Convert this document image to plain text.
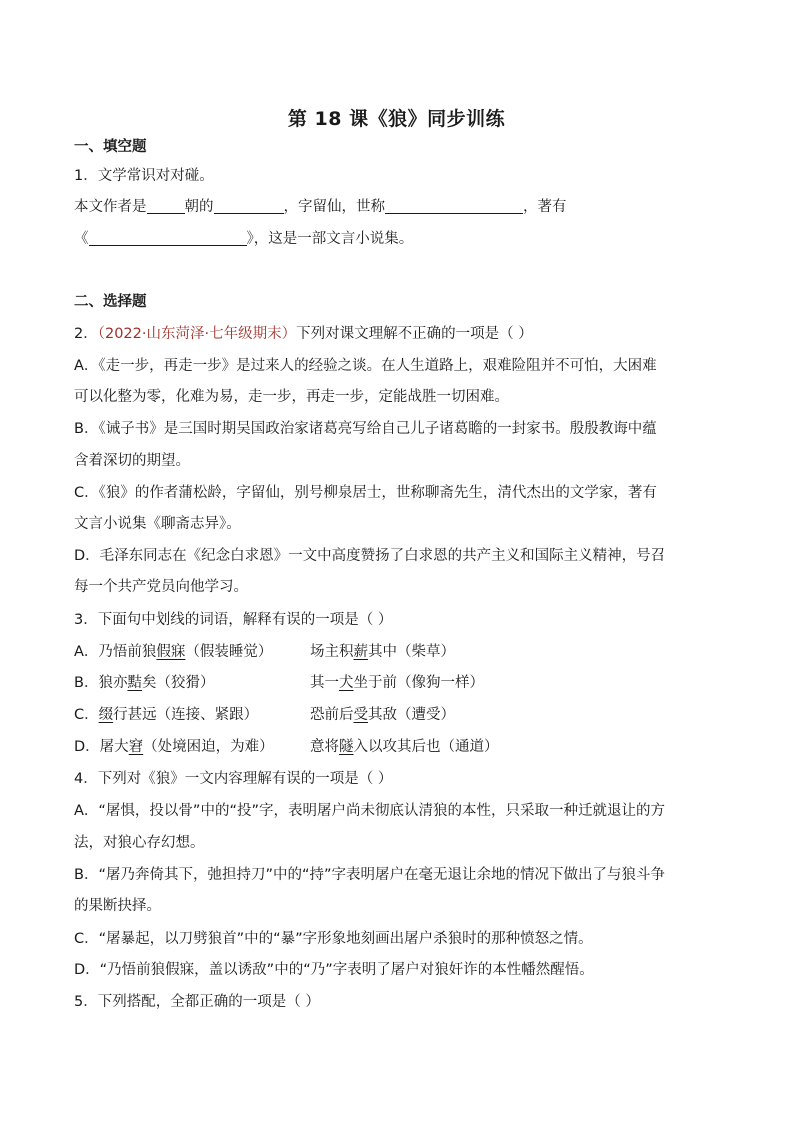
第 18 课《狼》同步训练
一、填空题
1．文学常识对对碰。
本文作者是	朝的	，字留仙，世称	，著有
《	》，这是一部文言小说集。
二、选择题
2．（2022·山东菏泽·七年级期末）下列对课文理解不正确的一项是（ ）
A．《走一步，再走一步》是过来人的经验之谈。在人生道路上，艰难险阻并不可怕，大困难
可以化整为零，化难为易，走一步，再走一步，定能战胜一切困难。
B．《诫子书》是三国时期吴国政治家诸葛亮写给自己儿子诸葛瞻的一封家书。殷殷教诲中蕴
含着深切的期望。
C．《狼》的作者蒲松龄，字留仙，别号柳泉居士，世称聊斋先生，清代杰出的文学家，著有
文言小说集《聊斋志异》。
D．毛泽东同志在《纪念白求恩》一文中高度赞扬了白求恩的共产主义和国际主义精神，号召
每一个共产党员向他学习。
3．下面句中划线的词语，解释有误的一项是（ ）
A．乃悟前狼假寐（假装睡觉）	场主积薪其中（柴草）
B．狼亦黠矣（狡猾）	其一犬坐于前（像狗一样）
C．缀行甚远（连接、紧跟）	恐前后受其敌（遭受）
D．屠大窘（处境困迫，为难）	意将隧入以攻其后也（通道）
4．下列对《狼》一文内容理解有误的一项是（ ）
A．“屠惧，投以骨”中的“投”字，表明屠户尚未彻底认清狼的本性，只采取一种迁就退让的方
法，对狼心存幻想。
B．“屠乃奔倚其下，弛担持刀”中的“持”字表明屠户在毫无退让余地的情况下做出了与狼斗争
的果断抉择。
C．“屠暴起，以刀劈狼首”中的“暴”字形象地刻画出屠户杀狼时的那种愤怒之情。
D．“乃悟前狼假寐，盖以诱敌”中的“乃”字表明了屠户对狼奸诈的本性幡然醒悟。
5．下列搭配，全都正确的一项是（ ）
